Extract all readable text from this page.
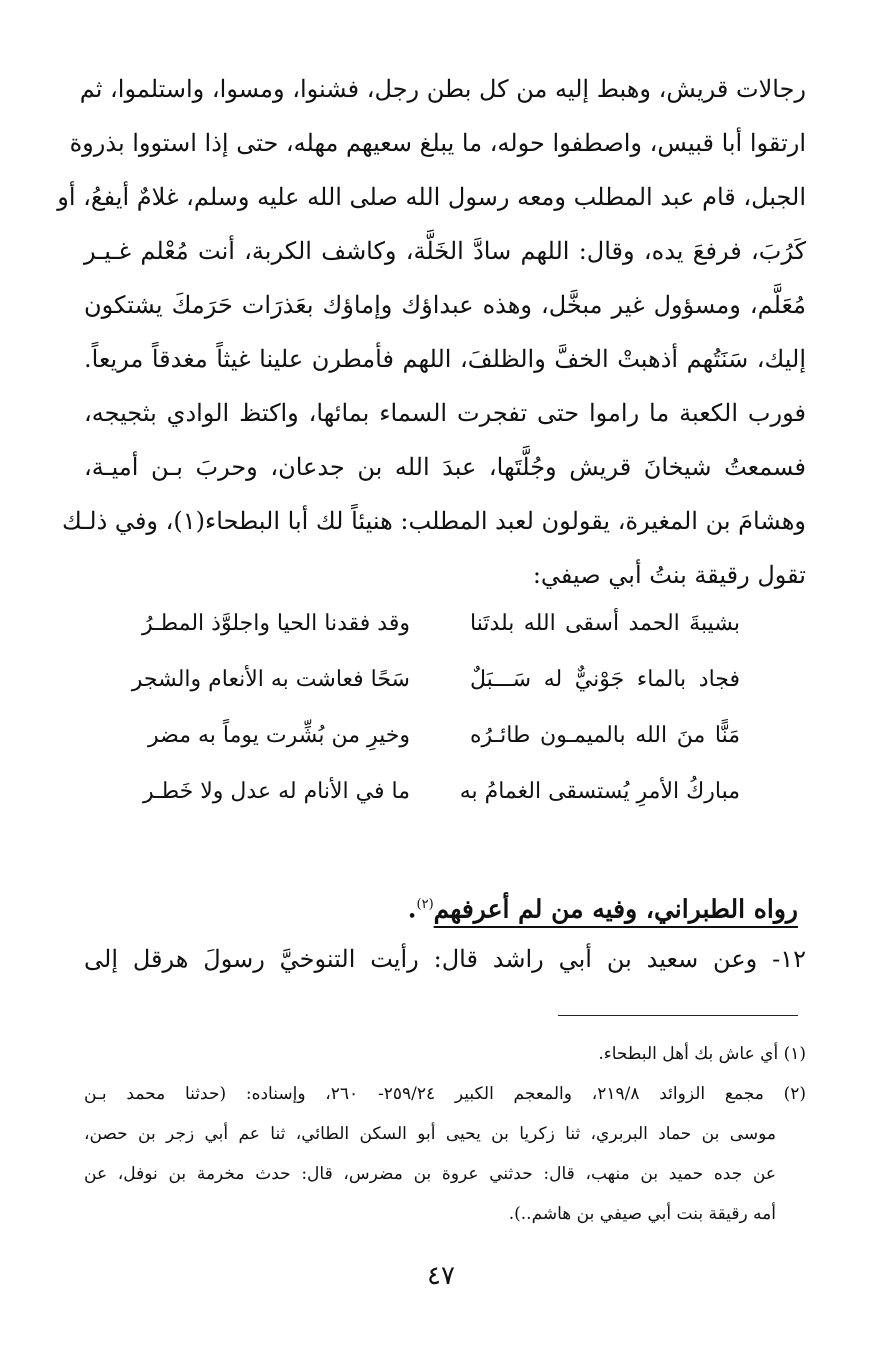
رجالات قريش، وهبط إليه من كل بطن رجل، فشنوا، ومسوا، واستلموا، ثم
ارتقوا أبا قبيس، واصطفوا حوله، ما يبلغ سعيهم مهله، حتى إذا استووا بذروة
الجبل، قام عبد المطلب ومعه رسول الله صلى الله عليه وسلم، غلامٌ أيفعُ، أو
كَرُبَ، فرفعَ يده، وقال: اللهم سادَّ الخَلَّة، وكاشف الكربة، أنت مُعْلم غـيـر
مُعَلَّم، ومسؤول غير مبخَّل، وهذه عبداؤك وإماؤك بعَذرَات حَرَمكَ يشتكون
إليك، سَنَتُهم أذهبتْ الخفَّ والظلفَ، اللهم فأمطرن علينا غيثاً مغدقاً مريعاً.
فورب الكعبة ما راموا حتى تفجرت السماء بمائها، واكتظ الوادي بثجيجه،
فسمعتُ شيخانَ قريش وجُلَّتَها، عبدَ الله بن جدعان، وحربَ بـن أميـة،
وهشامَ بن المغيرة، يقولون لعبد المطلب: هنيئاً لك أبا البطحاء(١)، وفي ذلـك
تقول رقيقة بنتُ أبي صيفي:
بشيبةَ الحمد أسقى الله بلدتَنا
وقد فقدنا الحيا واجلوَّذ المطـرُ
فجاد بالماء جَوْنيٌّ له سَـــبَلٌ
سَحًا فعاشت به الأنعام والشجر
مَنًّا منَ الله بالميمـون طائـرُه
وخيرِ من بُشِّرت يوماً به مضر
مباركُ الأمرِ يُستسقى الغمامُ به
ما في الأنام له عدل ولا خَطـر
رواه الطبراني، وفيه من لم أعرفهم$^{(٢)}$.
١٢- وعن سعيد بن أبي راشد قال: رأيت التنوخيَّ رسولَ هرقل إلى
(١) أي عاش بك أهل البطحاء.
(٢) مجمع الزوائد ٢١٩/٨، والمعجم الكبير ٢٥٩/٢٤- ٢٦٠، وإسناده: (حدثنا محمد بـن
موسى بن حماد البربري، ثنا زكريا بن يحيى أبو السكن الطائي، ثنا عم أبي زجر بن حصن،
عن جده حميد بن منهب، قال: حدثني عروة بن مضرس، قال: حدث مخرمة بن نوفل، عن
أمه رقيقة بنت أبي صيفي بن هاشم..).
٤٧
